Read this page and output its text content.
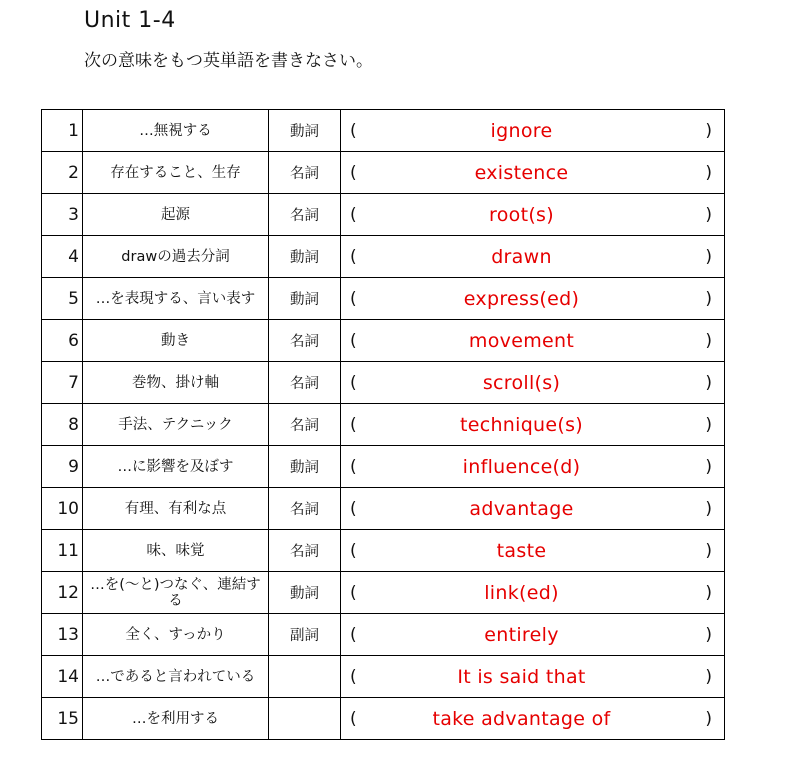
Unit 1-4

次の意味をもつ英単語を書きなさい。

1	…無視する	動詞	( ignore )

2	存在すること、生存	名詞	( existence )

3	起源	名詞	( root(s) )

4	drawの過去分詞	動詞	( drawn )

5	…を表現する、言い表す	動詞	( express(ed) )

6	動き	名詞	( movement )

7	巻物、掛け軸	名詞	( scroll(s) )

8	手法、テクニック	名詞	( technique(s) )

9	…に影響を及ぼす	動詞	( influence(d) )

10	有理、有利な点	名詞	( advantage )

11	味、味覚	名詞	( taste )

12	…を(～と)つなぐ、連結する	動詞	( link(ed) )

13	全く、すっかり	副詞	( entirely )

14	…であると言われている		( It is said that )

15	…を利用する		( take advantage of )
